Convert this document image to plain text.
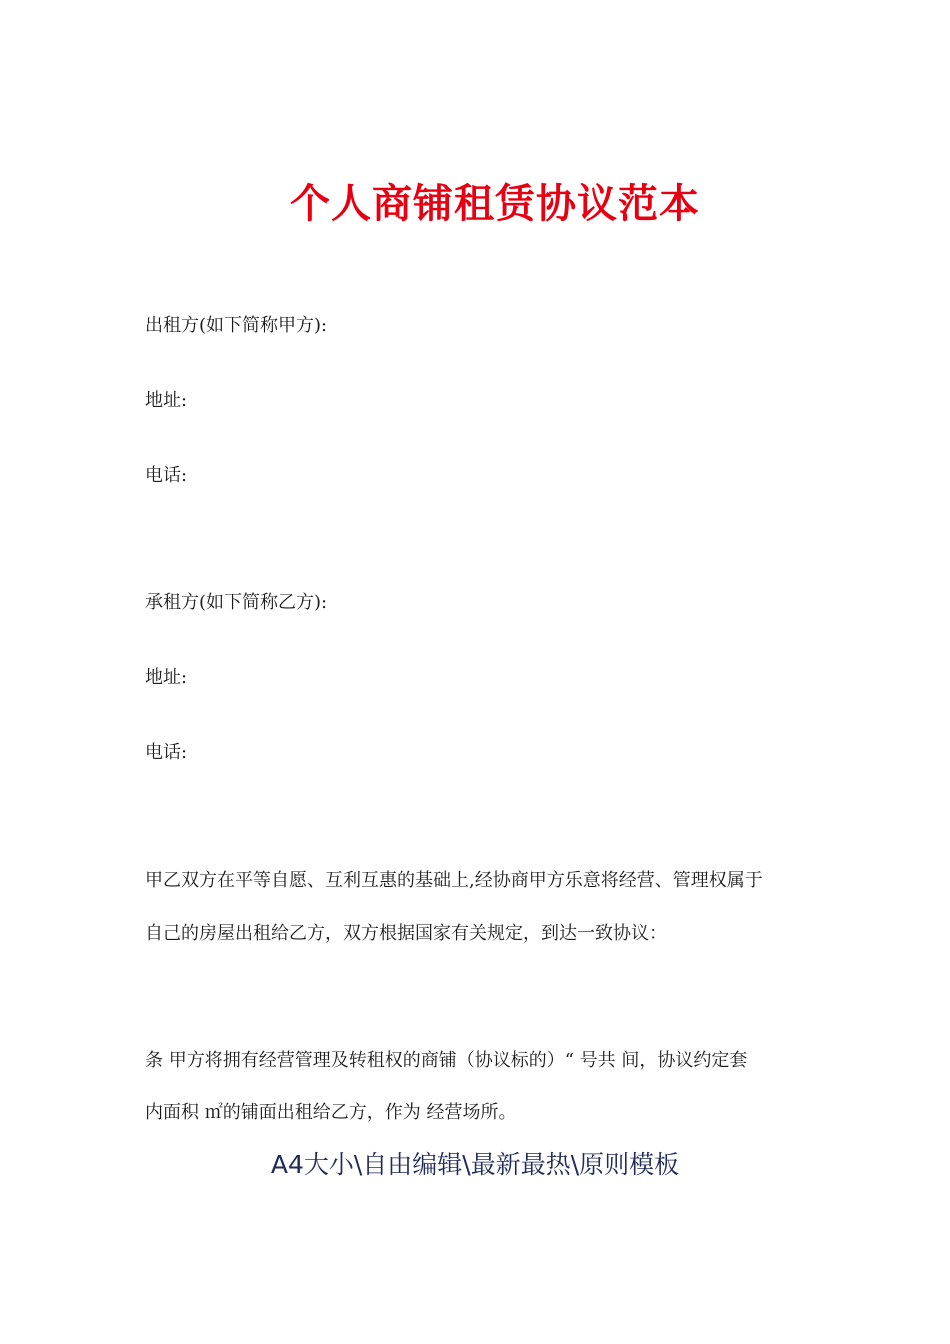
个人商铺租赁协议范本
出租方(如下简称甲方):
地址:
电话:
承租方(如下简称乙方):
地址:
电话:
甲乙双方在平等自愿、互利互惠的基础上,经协商甲方乐意将经营、管理权属于
自己的房屋出租给乙方，双方根据国家有关规定，到达一致协议：
条 甲方将拥有经营管理及转租权的商铺（协议标的）“ 号共 间，协议约定套
内面积 ㎡的铺面出租给乙方，作为 经营场所。
A4大小\自由编辑\最新最热\原则模板
